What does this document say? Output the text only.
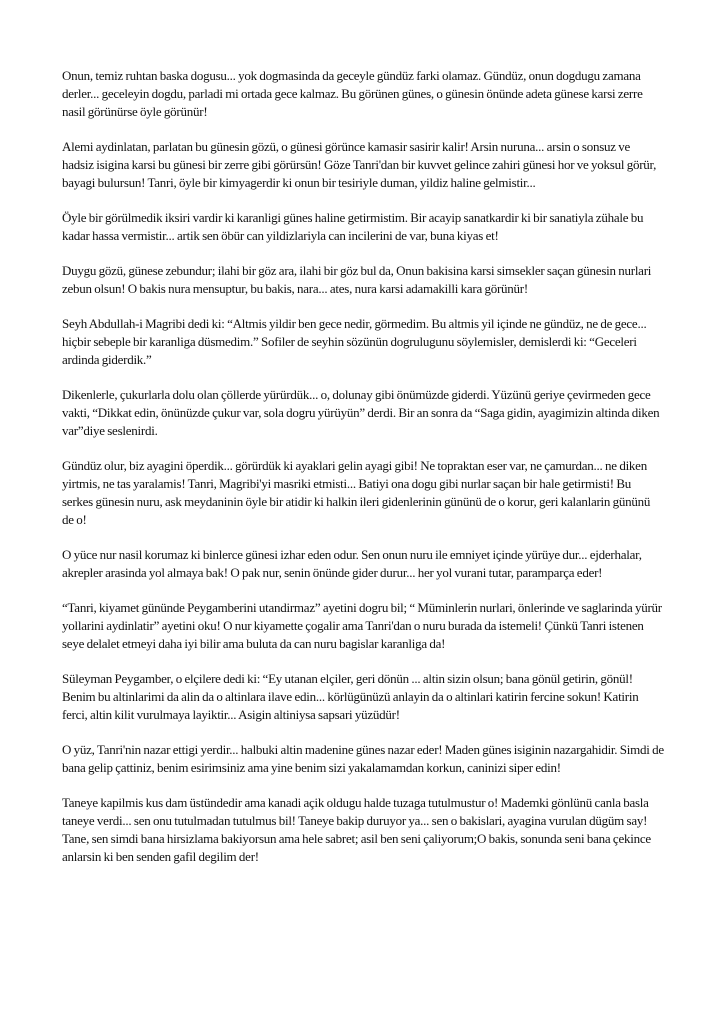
Onun, temiz ruhtan baska dogusu... yok dogmasinda da geceyle gündüz farki olamaz. Gündüz, onun dogdugu zamana derler... geceleyin dogdu, parladi mi ortada gece kalmaz. Bu görünen günes, o günesin önünde adeta günese karsi zerre nasil görünürse öyle görünür!

Alemi aydinlatan, parlatan bu günesin gözü, o günesi görünce kamasir sasirir kalir! Arsin nuruna... arsin o sonsuz ve hadsiz isigina karsi bu günesi bir zerre gibi görürsün! Göze Tanri'dan bir kuvvet gelince zahiri günesi hor ve yoksul görür, bayagi bulursun! Tanri, öyle bir kimyagerdir ki onun bir tesiriyle duman, yildiz haline gelmistir...

Öyle bir görülmedik iksiri vardir ki karanligi günes haline getirmistim. Bir acayip sanatkardir ki bir sanatiyla zühale bu kadar hassa vermistir... artik sen öbür can yildizlariyla can incilerini de var, buna kiyas et!

Duygu gözü, günese zebundur; ilahi bir göz ara, ilahi bir göz bul da, Onun bakisina karsi simsekler saçan günesin nurlari zebun olsun! O bakis nura mensuptur, bu bakis, nara... ates, nura karsi adamakilli kara görünür!

Seyh Abdullah-i Magribi dedi ki: “Altmis yildir ben gece nedir, görmedim. Bu altmis yil içinde ne gündüz, ne de gece... hiçbir sebeple bir karanliga düsmedim.” Sofiler de seyhin sözünün dogrulugunu söylemisler, demislerdi ki: “Geceleri ardinda giderdik.”

Dikenlerle, çukurlarla dolu olan çöllerde yürürdük... o, dolunay gibi önümüzde giderdi. Yüzünü geriye çevirmeden gece vakti, “Dikkat edin, önünüzde çukur var, sola dogru yürüyün” derdi. Bir an sonra da “Saga gidin, ayagimizin altinda diken var”diye seslenirdi.

Gündüz olur, biz ayagini öperdik... görürdük ki ayaklari gelin ayagi gibi! Ne topraktan eser var, ne çamurdan... ne diken yirtmis, ne tas yaralamis! Tanri, Magribi'yi masriki etmisti... Batiyi ona dogu gibi nurlar saçan bir hale getirmisti! Bu serkes günesin nuru, ask meydaninin öyle bir atidir ki halkin ileri gidenlerinin gününü de o korur, geri kalanlarin gününü de o!

O yüce nur nasil korumaz ki binlerce günesi izhar eden odur. Sen onun nuru ile emniyet içinde yürüye dur... ejderhalar, akrepler arasinda yol almaya bak! O pak nur, senin önünde gider durur... her yol vurani tutar, paramparça eder!

“Tanri, kiyamet gününde Peygamberini utandirmaz” ayetini dogru bil; “ Müminlerin nurlari, önlerinde ve saglarinda yürür yollarini aydinlatir” ayetini oku! O nur kiyamette çogalir ama Tanri'dan o nuru burada da istemeli! Çünkü Tanri istenen seye delalet etmeyi daha iyi bilir ama buluta da can nuru bagislar karanliga da!

Süleyman Peygamber, o elçilere dedi ki: “Ey utanan elçiler, geri dönün ... altin sizin olsun; bana gönül getirin, gönül! Benim bu altinlarimi da alin da o altinlara ilave edin... körlügünüzü anlayin da o altinlari katirin fercine sokun! Katirin ferci, altin kilit vurulmaya layiktir... Asigin altiniysa sapsari yüzüdür!

O yüz, Tanri'nin nazar ettigi yerdir... halbuki altin madenine günes nazar eder! Maden günes isiginin nazargahidir. Simdi de bana gelip çattiniz, benim esirimsiniz ama yine benim sizi yakalamamdan korkun, caninizi siper edin!

Taneye kapilmis kus dam üstündedir ama kanadi açik oldugu halde tuzaga tutulmustur o! Mademki gönlünü canla basla taneye verdi... sen onu tutulmadan tutulmus bil! Taneye bakip duruyor ya... sen o bakislari, ayagina vurulan dügüm say! Tane, sen simdi bana hirsizlama bakiyorsun ama hele sabret; asil ben seni çaliyorum;O bakis, sonunda seni bana çekince anlarsin ki ben senden gafil degilim der!
